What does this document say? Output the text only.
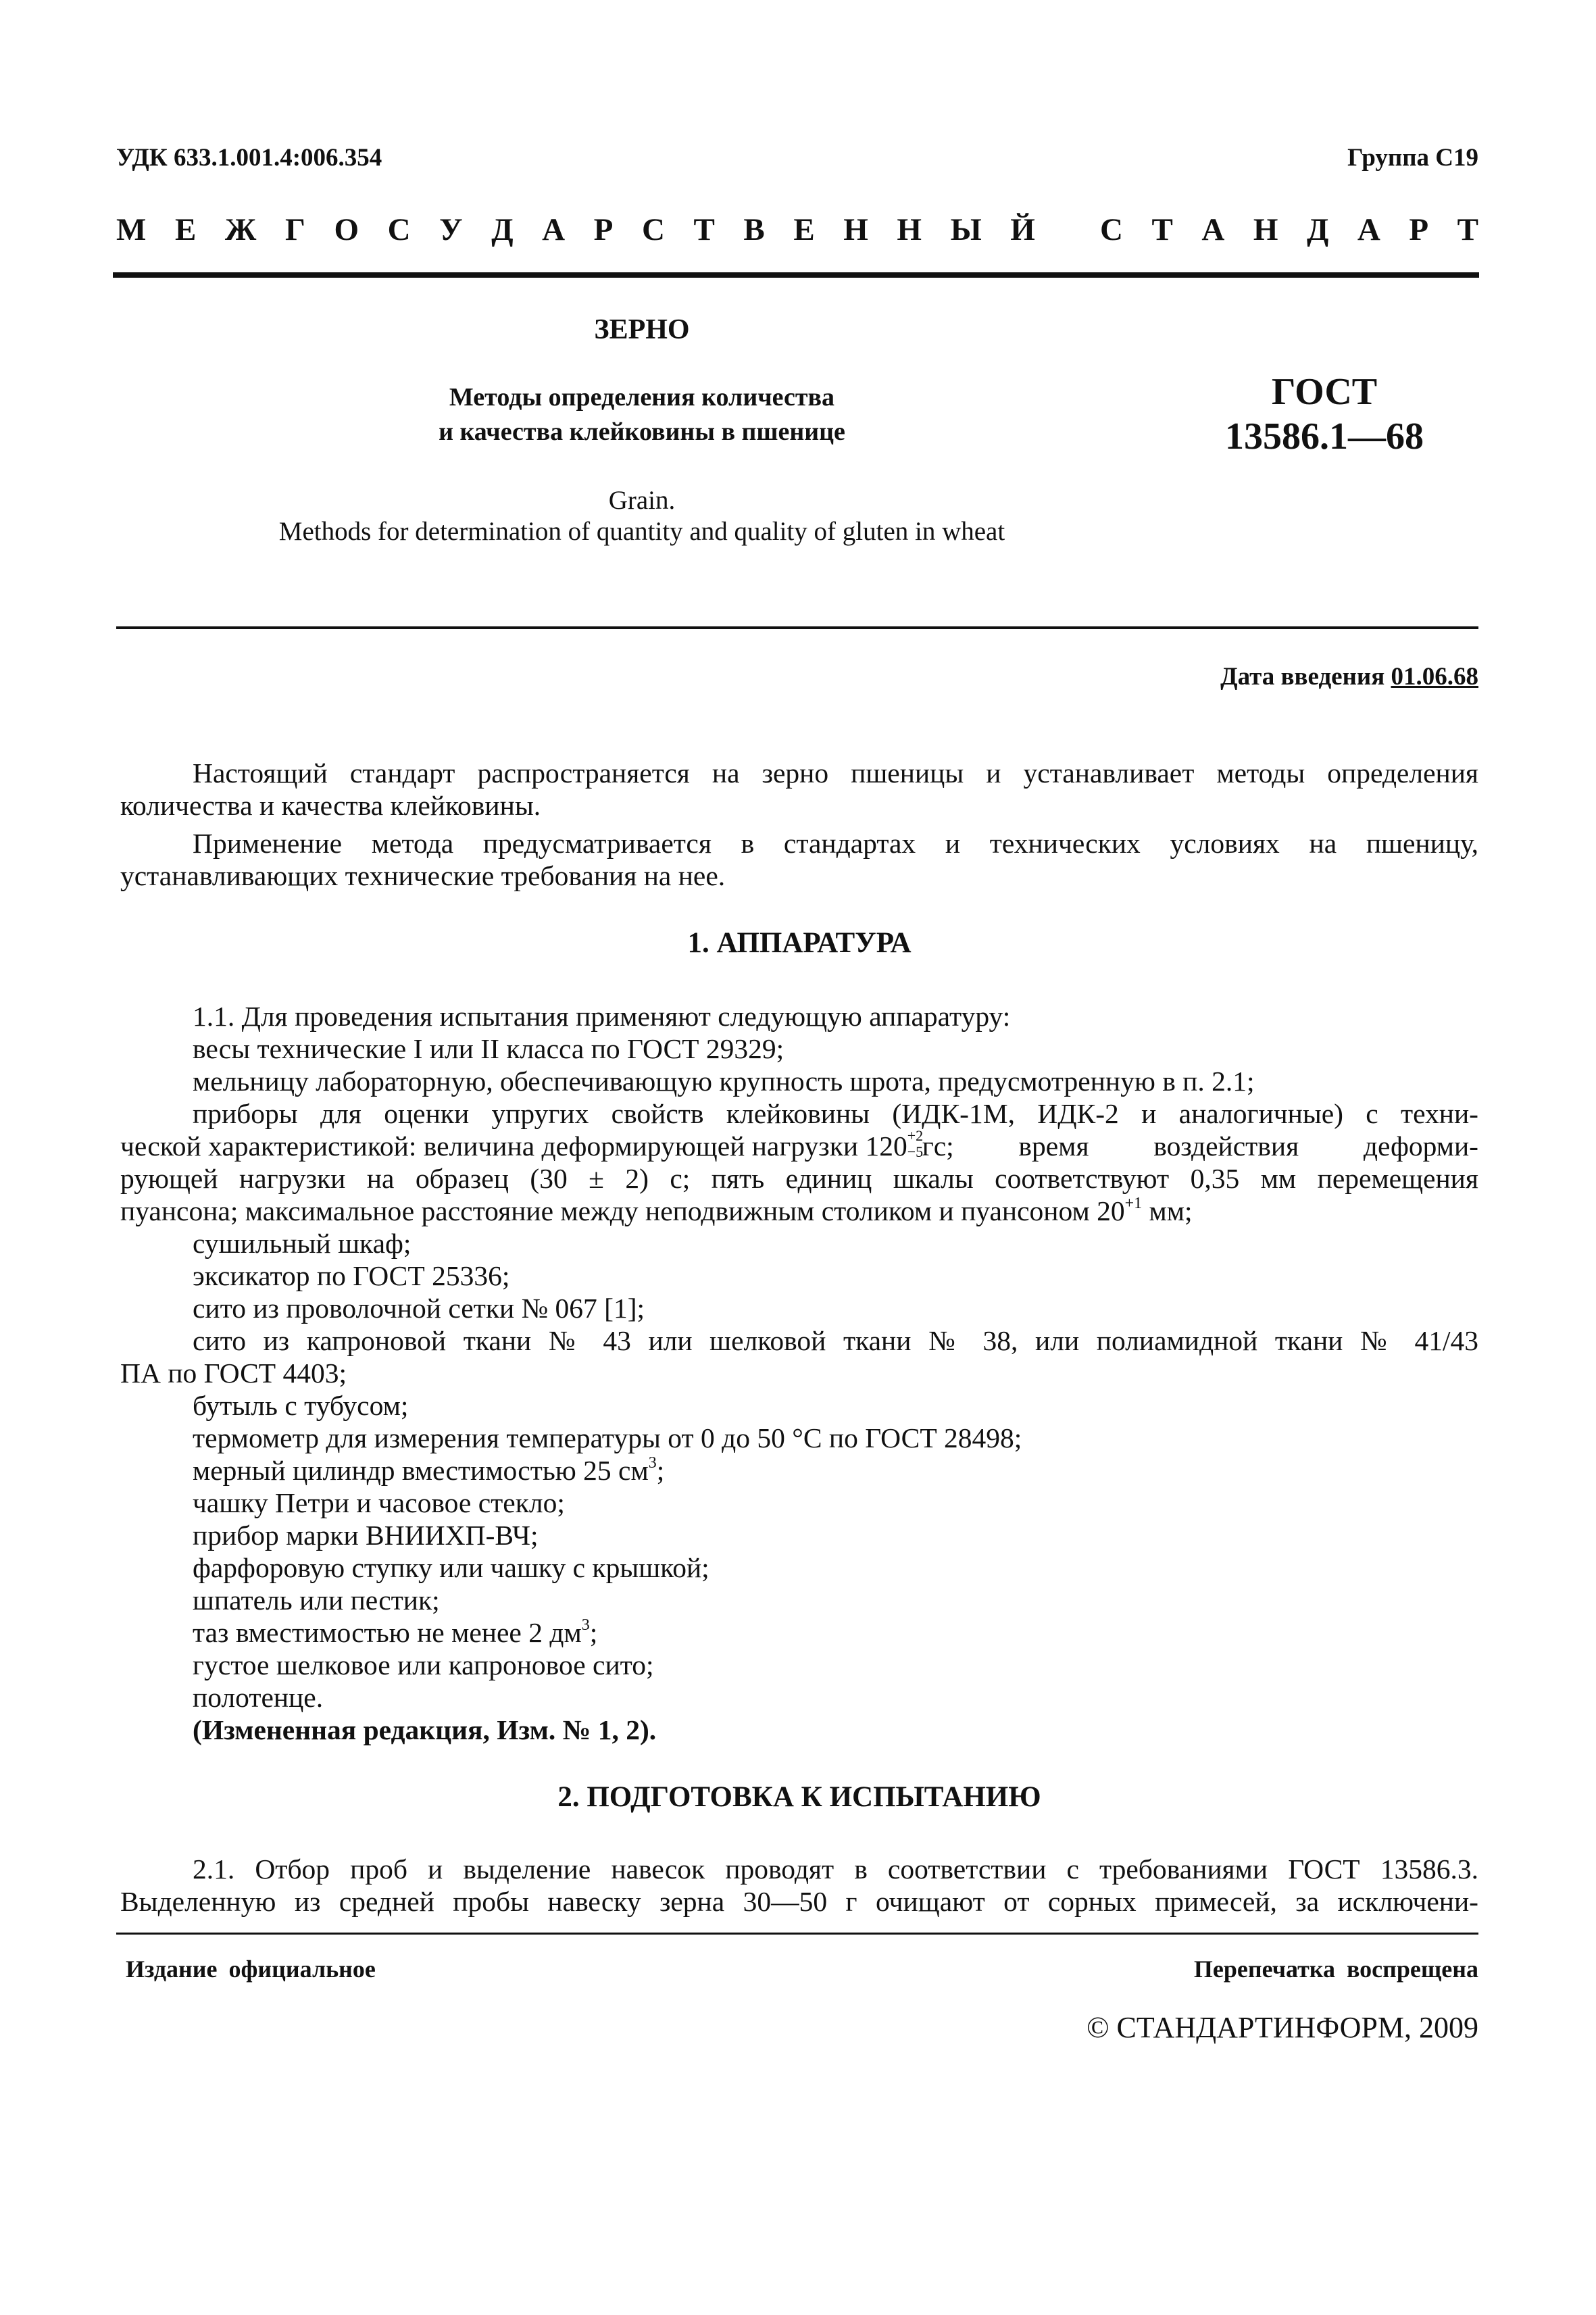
УДК 633.1.001.4:006.354	Группа С19
М Е Ж Г О С У Д А Р С Т В Е Н Н Ы Й С Т А Н Д А Р Т
ЗЕРНО
Методы определения количества
и качества клейковины в пшенице
ГОСТ
13586.1—68
Grain.
Methods for determination of quantity and quality of gluten in wheat
Дата введения 01.06.68
Настоящий стандарт распространяется на зерно пшеницы и устанавливает методы определения количества и качества клейковины.
Применение метода предусматривается в стандартах и технических условиях на пшеницу, устанавливающих технические требования на нее.
1. АППАРАТУРА
1.1. Для проведения испытания применяют следующую аппаратуру:
весы технические I или II класса по ГОСТ 29329;
мельницу лабораторную, обеспечивающую крупность шрота, предусмотренную в п. 2.1;
приборы для оценки упругих свойств клейковины (ИДК-1М, ИДК-2 и аналогичные) с техни-
ческой характеристикой: величина деформирующей нагрузки 120 +2
−5
гс; время воздействия деформи-
рующей нагрузки на образец (30 ± 2) с; пять единиц шкалы соответствуют 0,35 мм перемещения
пуансона; максимальное расстояние между неподвижным столиком и пуансоном $20^{+1}$ мм;
сушильный шкаф;
эксикатор по ГОСТ 25336;
сито из проволочной сетки № 067 [1];
сито из капроновой ткани № 43 или шелковой ткани № 38, или полиамидной ткани № 41/43
ПА по ГОСТ 4403;
бутыль с тубусом;
термометр для измерения температуры от 0 до 50 °С по ГОСТ 28498;
мерный цилиндр вместимостью 25 $см^3$;
чашку Петри и часовое стекло;
прибор марки ВНИИХП-ВЧ;
фарфоровую ступку или чашку с крышкой;
шпатель или пестик;
таз вместимостью не менее 2 $дм^3$;
густое шелковое или капроновое сито;
полотенце.
(Измененная редакция, Изм. № 1, 2).
2. ПОДГОТОВКА К ИСПЫТАНИЮ
2.1. Отбор проб и выделение навесок проводят в соответствии с требованиями ГОСТ 13586.3.
Выделенную из средней пробы навеску зерна 30—50 г очищают от сорных примесей, за исключени-
Издание официальное	Перепечатка воспрещена
© СТАНДАРТИНФОРМ, 2009
